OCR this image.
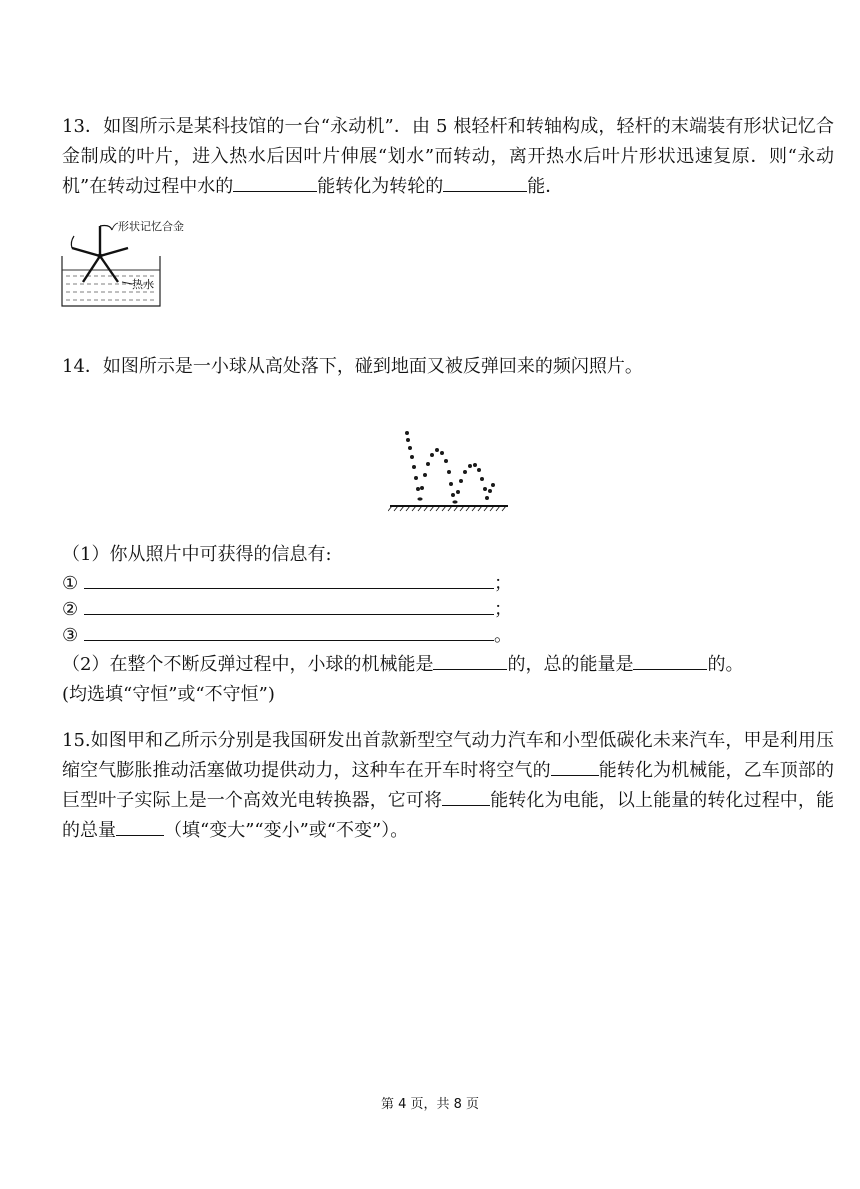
13．如图所示是某科技馆的一台“永动机”．由 5 根轻杆和转轴构成，轻杆的末端装有形状记忆合金制成的叶片，进入热水后因叶片伸展“划水”而转动，离开热水后叶片形状迅速复原．则“永动机”在转动过程中水的	能转化为转轮的	能．
形状记忆合金
热水
14．如图所示是一小球从高处落下，碰到地面又被反弹回来的频闪照片。
（1）你从照片中可获得的信息有:
①	；
②	；
③	。
（2）在整个不断反弹过程中，小球的机械能是	的，总的能量是	的。
(均选填“守恒”或“不守恒”)
15.如图甲和乙所示分别是我国研发出首款新型空气动力汽车和小型低碳化未来汽车，甲是利用压缩空气膨胀推动活塞做功提供动力，这种车在开车时将空气的	能转化为机械能，乙车顶部的巨型叶子实际上是一个高效光电转换器，它可将	能转化为电能，以上能量的转化过程中，能的总量	（填“变大”“变小”或“不变”）。
第 4 页，共 8 页
